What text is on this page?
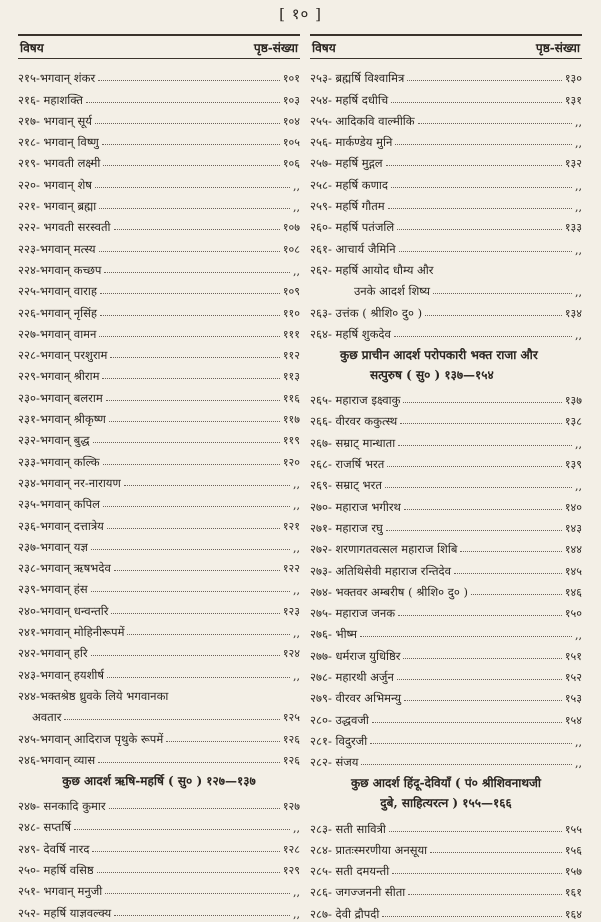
[ १० ]
विषय	पृष्ठ-संख्या
२१५-भगवान् शंकर	१०१
२१६- महाशक्ति	१०३
२१७- भगवान् सूर्य	१०४
२१८- भगवान् विष्णु	१०५
२१९- भगवती लक्ष्मी	१०६
२२०- भगवान् शेष	,,
२२१- भगवान् ब्रह्मा	,,
२२२- भगवती सरस्वती	१०७
२२३-भगवान् मत्स्य	१०८
२२४-भगवान् कच्छप	,,
२२५-भगवान् वाराह	१०९
२२६-भगवान् नृसिंह	११०
२२७-भगवान् वामन	१११
२२८-भगवान् परशुराम	११२
२२९-भगवान् श्रीराम	११३
२३०-भगवान् बलराम	११६
२३१-भगवान् श्रीकृष्ण	११७
२३२-भगवान् बुद्ध	११९
२३३-भगवान् कल्कि	१२०
२३४-भगवान् नर-नारायण	,,
२३५-भगवान् कपिल	,,
२३६-भगवान् दत्तात्रेय	१२१
२३७-भगवान् यज्ञ	,,
२३८-भगवान् ऋषभदेव	१२२
२३९-भगवान् हंस	,,
२४०-भगवान् धन्वन्तरि	१२३
२४१-भगवान् मोहिनीरूपमें	,,
२४२-भगवान् हरि	१२४
२४३-भगवान् हयशीर्ष	,,
२४४-भक्तश्रेष्ठ ध्रुवके लिये भगवानका
अवतार	१२५
२४५-भगवान् आदिराज पृथुके रूपमें	१२६
२४६-भगवान् व्यास	१२६
कुछ आदर्श ऋषि-महर्षि ( सु० ) १२७—१३७
२४७- सनकादि कुमार	१२७
२४८- सप्तर्षि	,,
२४९- देवर्षि नारद	१२८
२५०- महर्षि वसिष्ठ	१२९
२५१- भगवान् मनुजी	,,
२५२- महर्षि याज्ञवल्क्य	,,
विषय	पृष्ठ-संख्या
२५३- ब्रह्मर्षि विश्वामित्र	१३०
२५४- महर्षि दधीचि	१३१
२५५- आदिकवि वाल्मीकि	,,
२५६- मार्कण्डेय मुनि	,,
२५७- महर्षि मुद्गल	१३२
२५८- महर्षि कणाद	,,
२५९- महर्षि गौतम	,,
२६०- महर्षि पतंजलि	१३३
२६१- आचार्य जैमिनि	,,
२६२- महर्षि आयोद धौम्य और
उनके आदर्श शिष्य	,,
२६३- उत्तंक ( श्रीशि० दु० )	१३४
२६४- महर्षि शुकदेव	,,
कुछ प्राचीन आदर्श परोपकारी भक्त राजा और
सत्पुरुष ( सु० ) १३७—१५४
२६५- महाराज इक्ष्वाकु	१३७
२६६- वीरवर ककुत्स्थ	१३८
२६७- सम्राट् मान्धाता	,,
२६८- राजर्षि भरत	१३९
२६९- सम्राट् भरत	,,
२७०- महाराज भगीरथ	१४०
२७१- महाराज रघु	१४३
२७२- शरणागतवत्सल महाराज शिबि	१४४
२७३- अतिथिसेवी महाराज रन्तिदेव	१४५
२७४- भक्तवर अम्बरीष ( श्रीशि० दु० )	१४६
२७५- महाराज जनक	१५०
२७६- भीष्म	,,
२७७- धर्मराज युधिष्ठिर	१५१
२७८- महारथी अर्जुन	१५२
२७९- वीरवर अभिमन्यु	१५३
२८०- उद्धवजी	१५४
२८१- विदुरजी	,,
२८२- संजय	,,
कुछ आदर्श हिंदू-देवियाँ ( पं० श्रीशिवनाथजी
दुबे, साहित्यरत्न ) १५५—१६६
२८३- सती सावित्री	१५५
२८४- प्रातःस्मरणीया अनसूया	१५६
२८५- सती दमयन्ती	१५७
२८६- जगज्जननी सीता	१६१
२८७- देवी द्रौपदी	१६४
